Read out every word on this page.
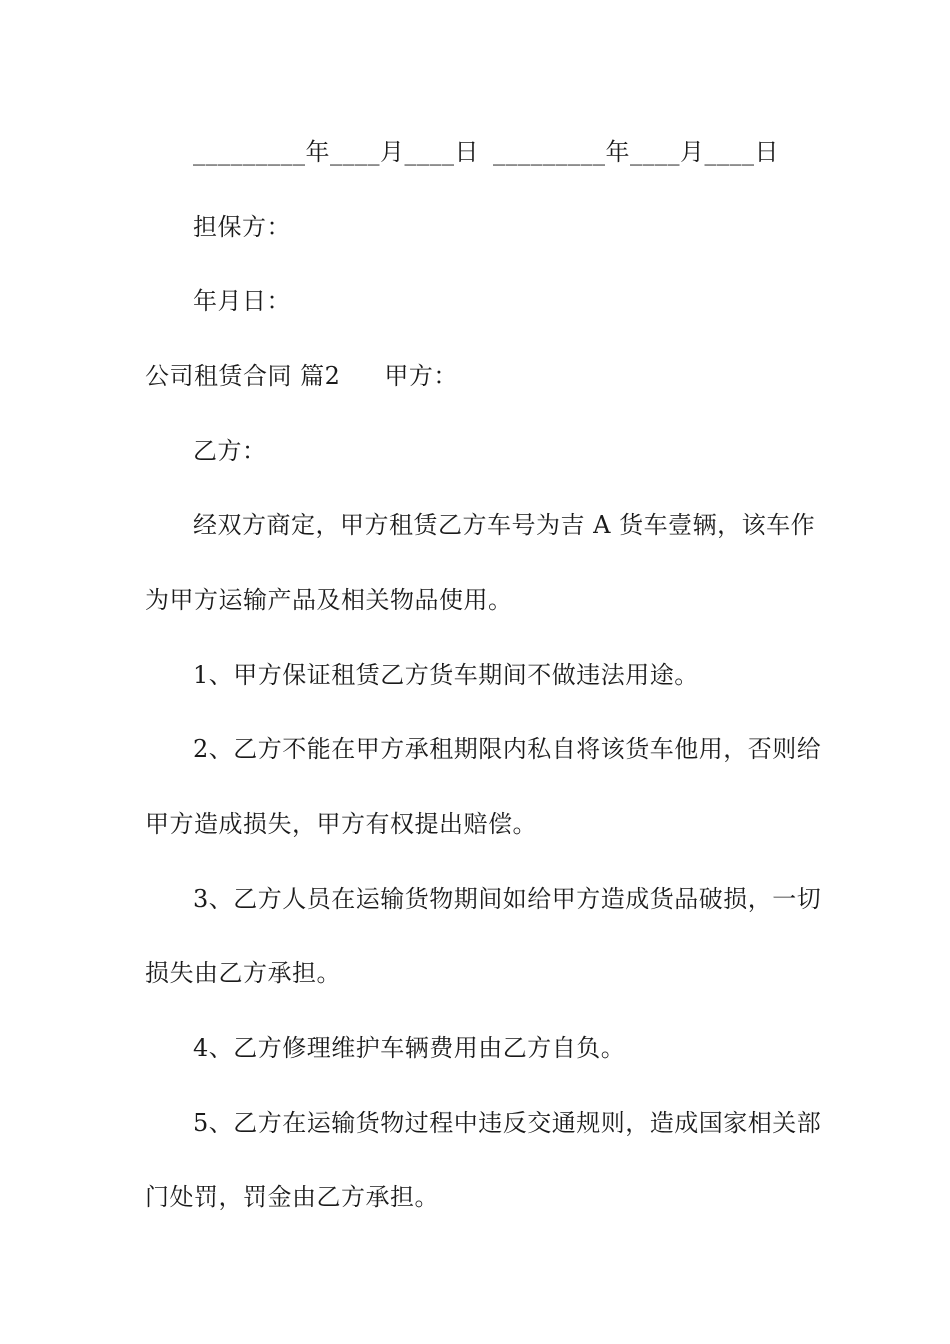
_________年____月____日 _________年____月____日
担保方：
年月日：
公司租赁合同 篇2 甲方：
乙方：
经双方商定，甲方租赁乙方车号为吉 A 货车壹辆，该车作
为甲方运输产品及相关物品使用。
1、甲方保证租赁乙方货车期间不做违法用途。
2、乙方不能在甲方承租期限内私自将该货车他用，否则给
甲方造成损失，甲方有权提出赔偿。
3、乙方人员在运输货物期间如给甲方造成货品破损，一切
损失由乙方承担。
4、乙方修理维护车辆费用由乙方自负。
5、乙方在运输货物过程中违反交通规则，造成国家相关部
门处罚，罚金由乙方承担。
